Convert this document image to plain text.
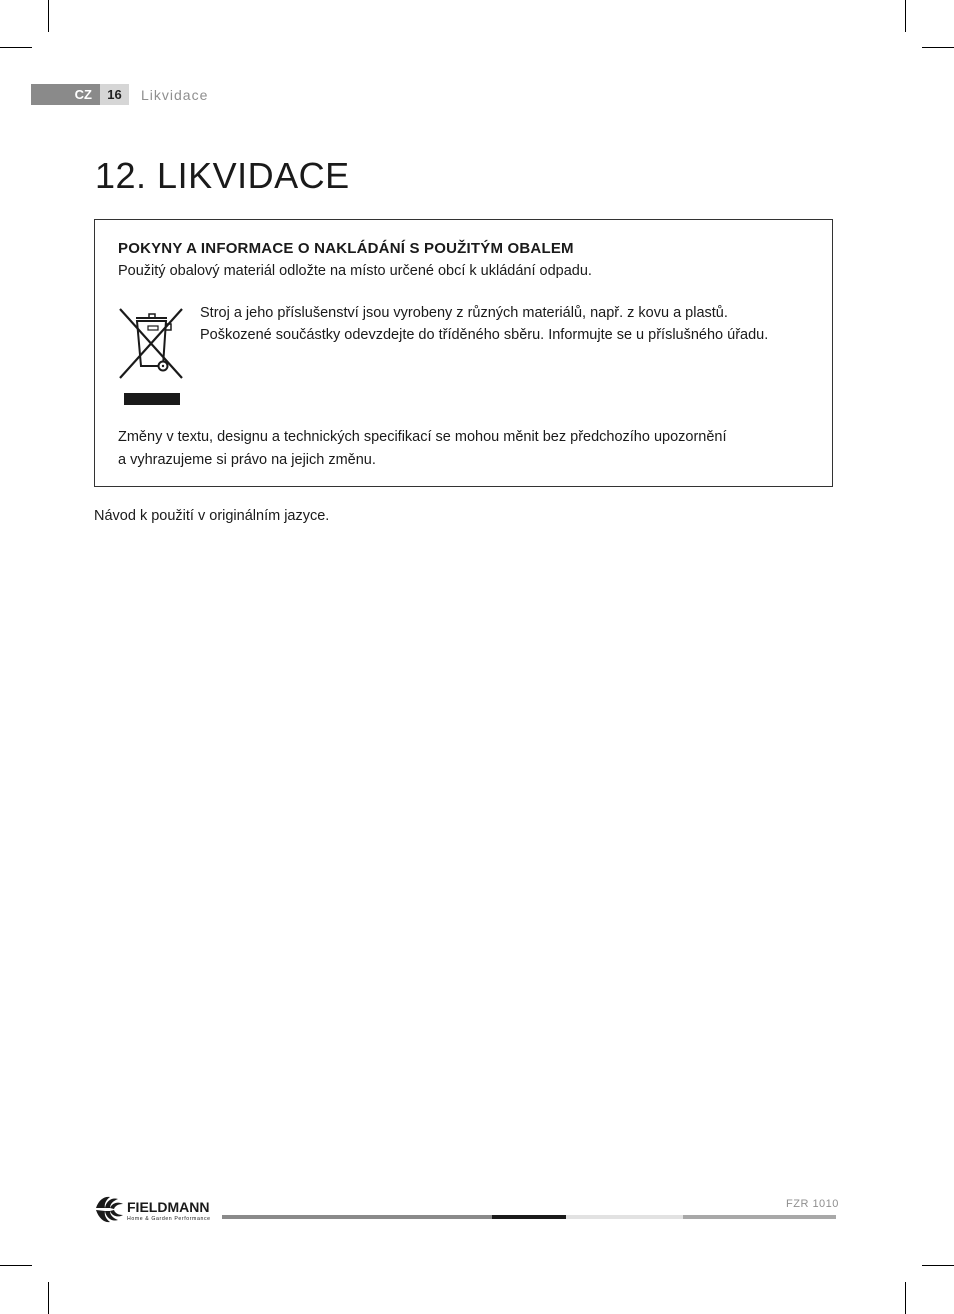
CZ	16	Likvidace
12. LIKVIDACE
POKYNY A INFORMACE O NAKLÁDÁNÍ S POUŽITÝM OBALEM

Použitý obalový materiál odložte na místo určené obcí k ukládání odpadu.

Stroj a jeho příslušenství jsou vyrobeny z různých materiálů, např. z kovu a plastů.

Poškozené součástky odevzdejte do tříděného sběru. Informujte se u příslušného úřadu.

Změny v textu, designu a technických specifikací se mohou měnit bez předchozího upozornění

a vyhrazujeme si právo na jejich změnu.

Návod k použití v originálním jazyce.

FIELDMANN
Home & Garden Performance
FZR 1010
